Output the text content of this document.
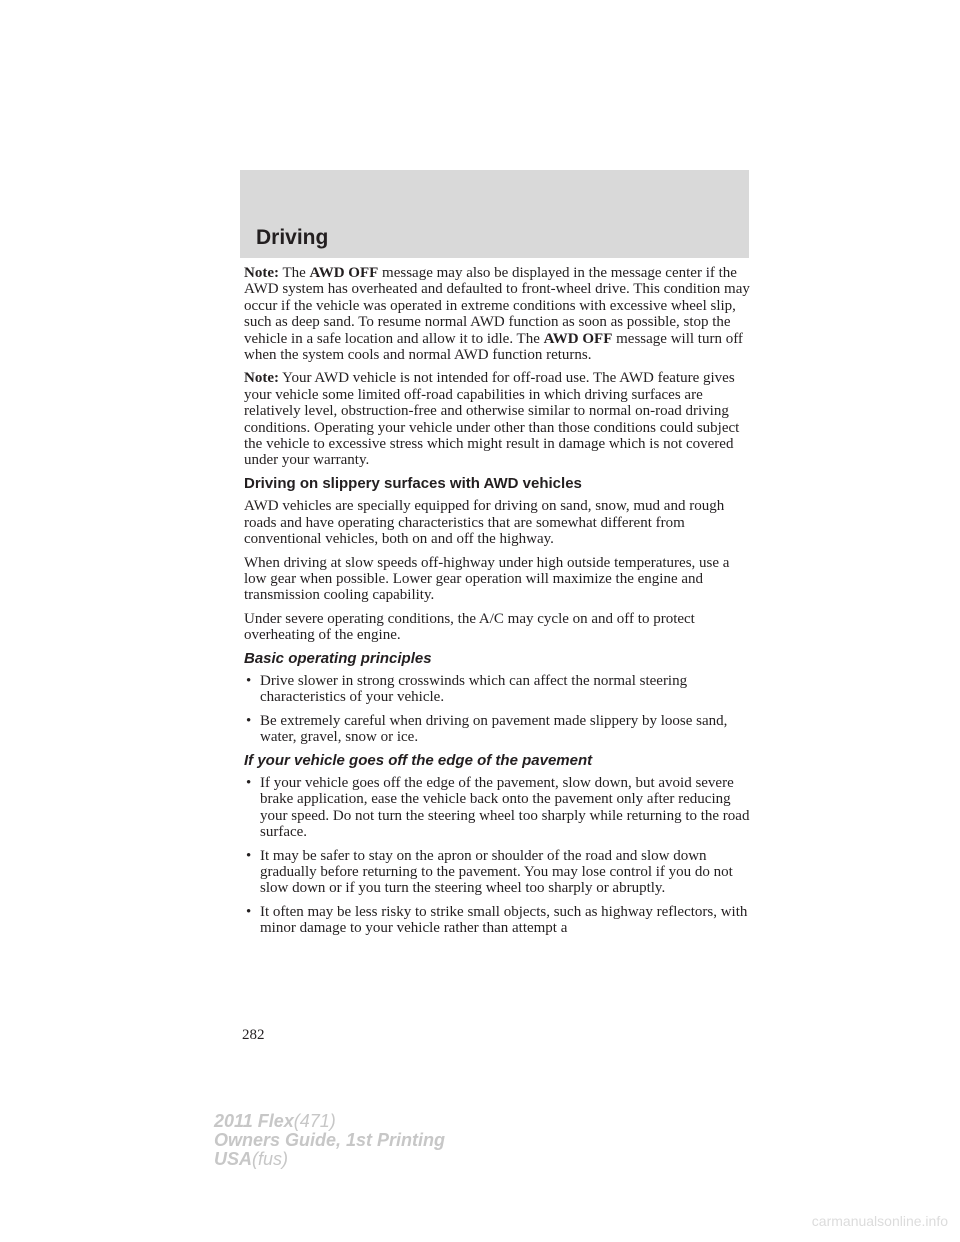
Driving

Note: The AWD OFF message may also be displayed in the message center if the AWD system has overheated and defaulted to front-wheel drive. This condition may occur if the vehicle was operated in extreme conditions with excessive wheel slip, such as deep sand. To resume normal AWD function as soon as possible, stop the vehicle in a safe location and allow it to idle. The AWD OFF message will turn off when the system cools and normal AWD function returns.

Note: Your AWD vehicle is not intended for off-road use. The AWD feature gives your vehicle some limited off-road capabilities in which driving surfaces are relatively level, obstruction-free and otherwise similar to normal on-road driving conditions. Operating your vehicle under other than those conditions could subject the vehicle to excessive stress which might result in damage which is not covered under your warranty.

Driving on slippery surfaces with AWD vehicles

AWD vehicles are specially equipped for driving on sand, snow, mud and rough roads and have operating characteristics that are somewhat different from conventional vehicles, both on and off the highway.

When driving at slow speeds off-highway under high outside temperatures, use a low gear when possible. Lower gear operation will maximize the engine and transmission cooling capability.

Under severe operating conditions, the A/C may cycle on and off to protect overheating of the engine.

Basic operating principles
• Drive slower in strong crosswinds which can affect the normal steering characteristics of your vehicle.
• Be extremely careful when driving on pavement made slippery by loose sand, water, gravel, snow or ice.
If your vehicle goes off the edge of the pavement
• If your vehicle goes off the edge of the pavement, slow down, but avoid severe brake application, ease the vehicle back onto the pavement only after reducing your speed. Do not turn the steering wheel too sharply while returning to the road surface.
• It may be safer to stay on the apron or shoulder of the road and slow down gradually before returning to the pavement. You may lose control if you do not slow down or if you turn the steering wheel too sharply or abruptly.
• It often may be less risky to strike small objects, such as highway reflectors, with minor damage to your vehicle rather than attempt a
282
2011 Flex(471)
Owners Guide, 1st Printing
USA(fus)
carmanualsonline.info
